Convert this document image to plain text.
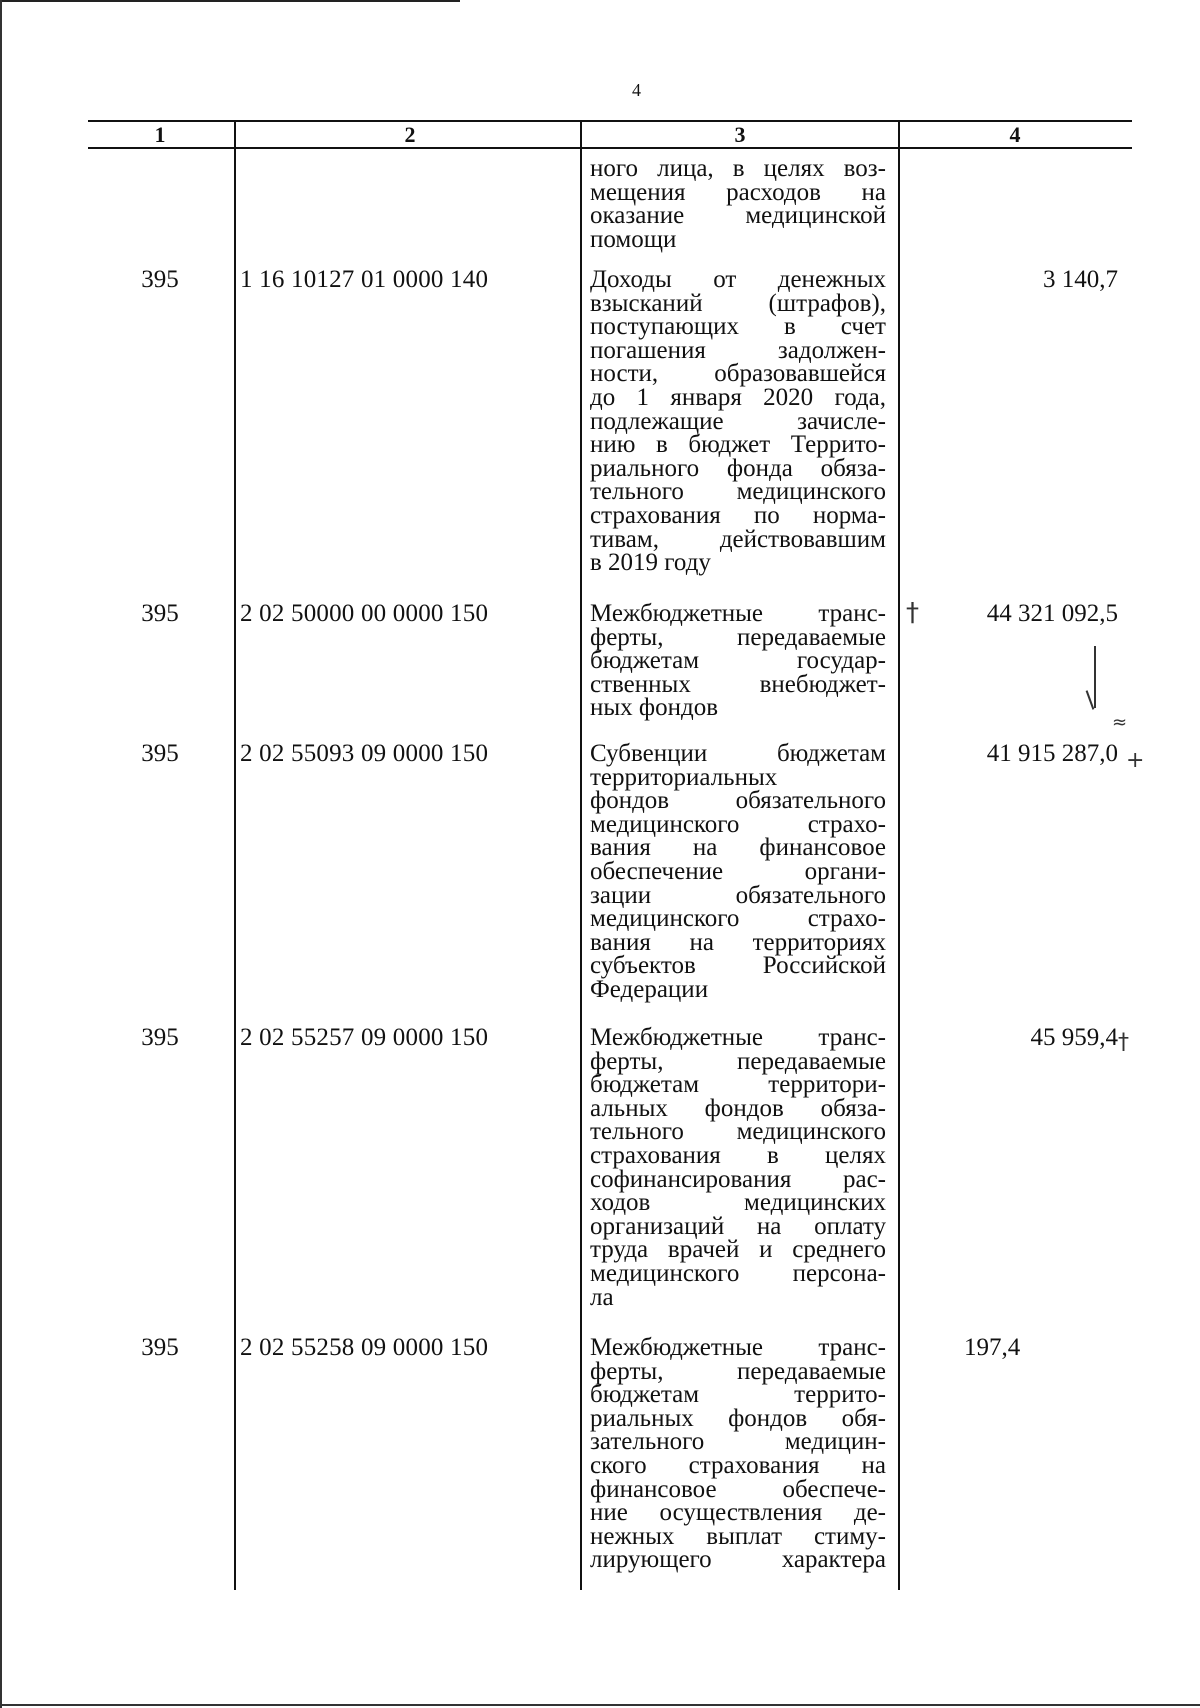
4
1	2	3	4
ного лица, в целях воз-
мещения расходов на
оказание медицинской
помощи
395	1 16 10127 01 0000 140	Доходы от денежных
взысканий (штрафов),
поступающих в счет
погашения задолжен-
ности, образовавшейся
до 1 января 2020 года,
подлежащие зачисле-
нию в бюджет Террито-
риального фонда обяза-
тельного медицинского
страхования по норма-
тивам, действовавшим
в 2019 году
3 140,7
395	2 02 50000 00 0000 150	Межбюджетные транс-
ферты, передаваемые
бюджетам государ-
ственных внебюджет-
ных фондов
44 321 092,5
395	2 02 55093 09 0000 150	Субвенции бюджетам
территориальных
фондов обязательного
медицинского страхо-
вания на финансовое
обеспечение органи-
зации обязательного
медицинского страхо-
вания на территориях
субъектов Российской
Федерации
41 915 287,0
395	2 02 55257 09 0000 150	Межбюджетные транс-
ферты, передаваемые
бюджетам территори-
альных фондов обяза-
тельного медицинского
страхования в целях
софинансирования рас-
ходов медицинских
организаций на оплату
труда врачей и среднего
медицинского персона-
ла
45 959,4
395	2 02 55258 09 0000 150	Межбюджетные транс-
ферты, передаваемые
бюджетам террито-
риальных фондов обя-
зательного медицин-
ского страхования на
финансовое обеспече-
ние осуществления де-
нежных выплат стиму-
лирующего характера
197,4
†
≈
+
†
